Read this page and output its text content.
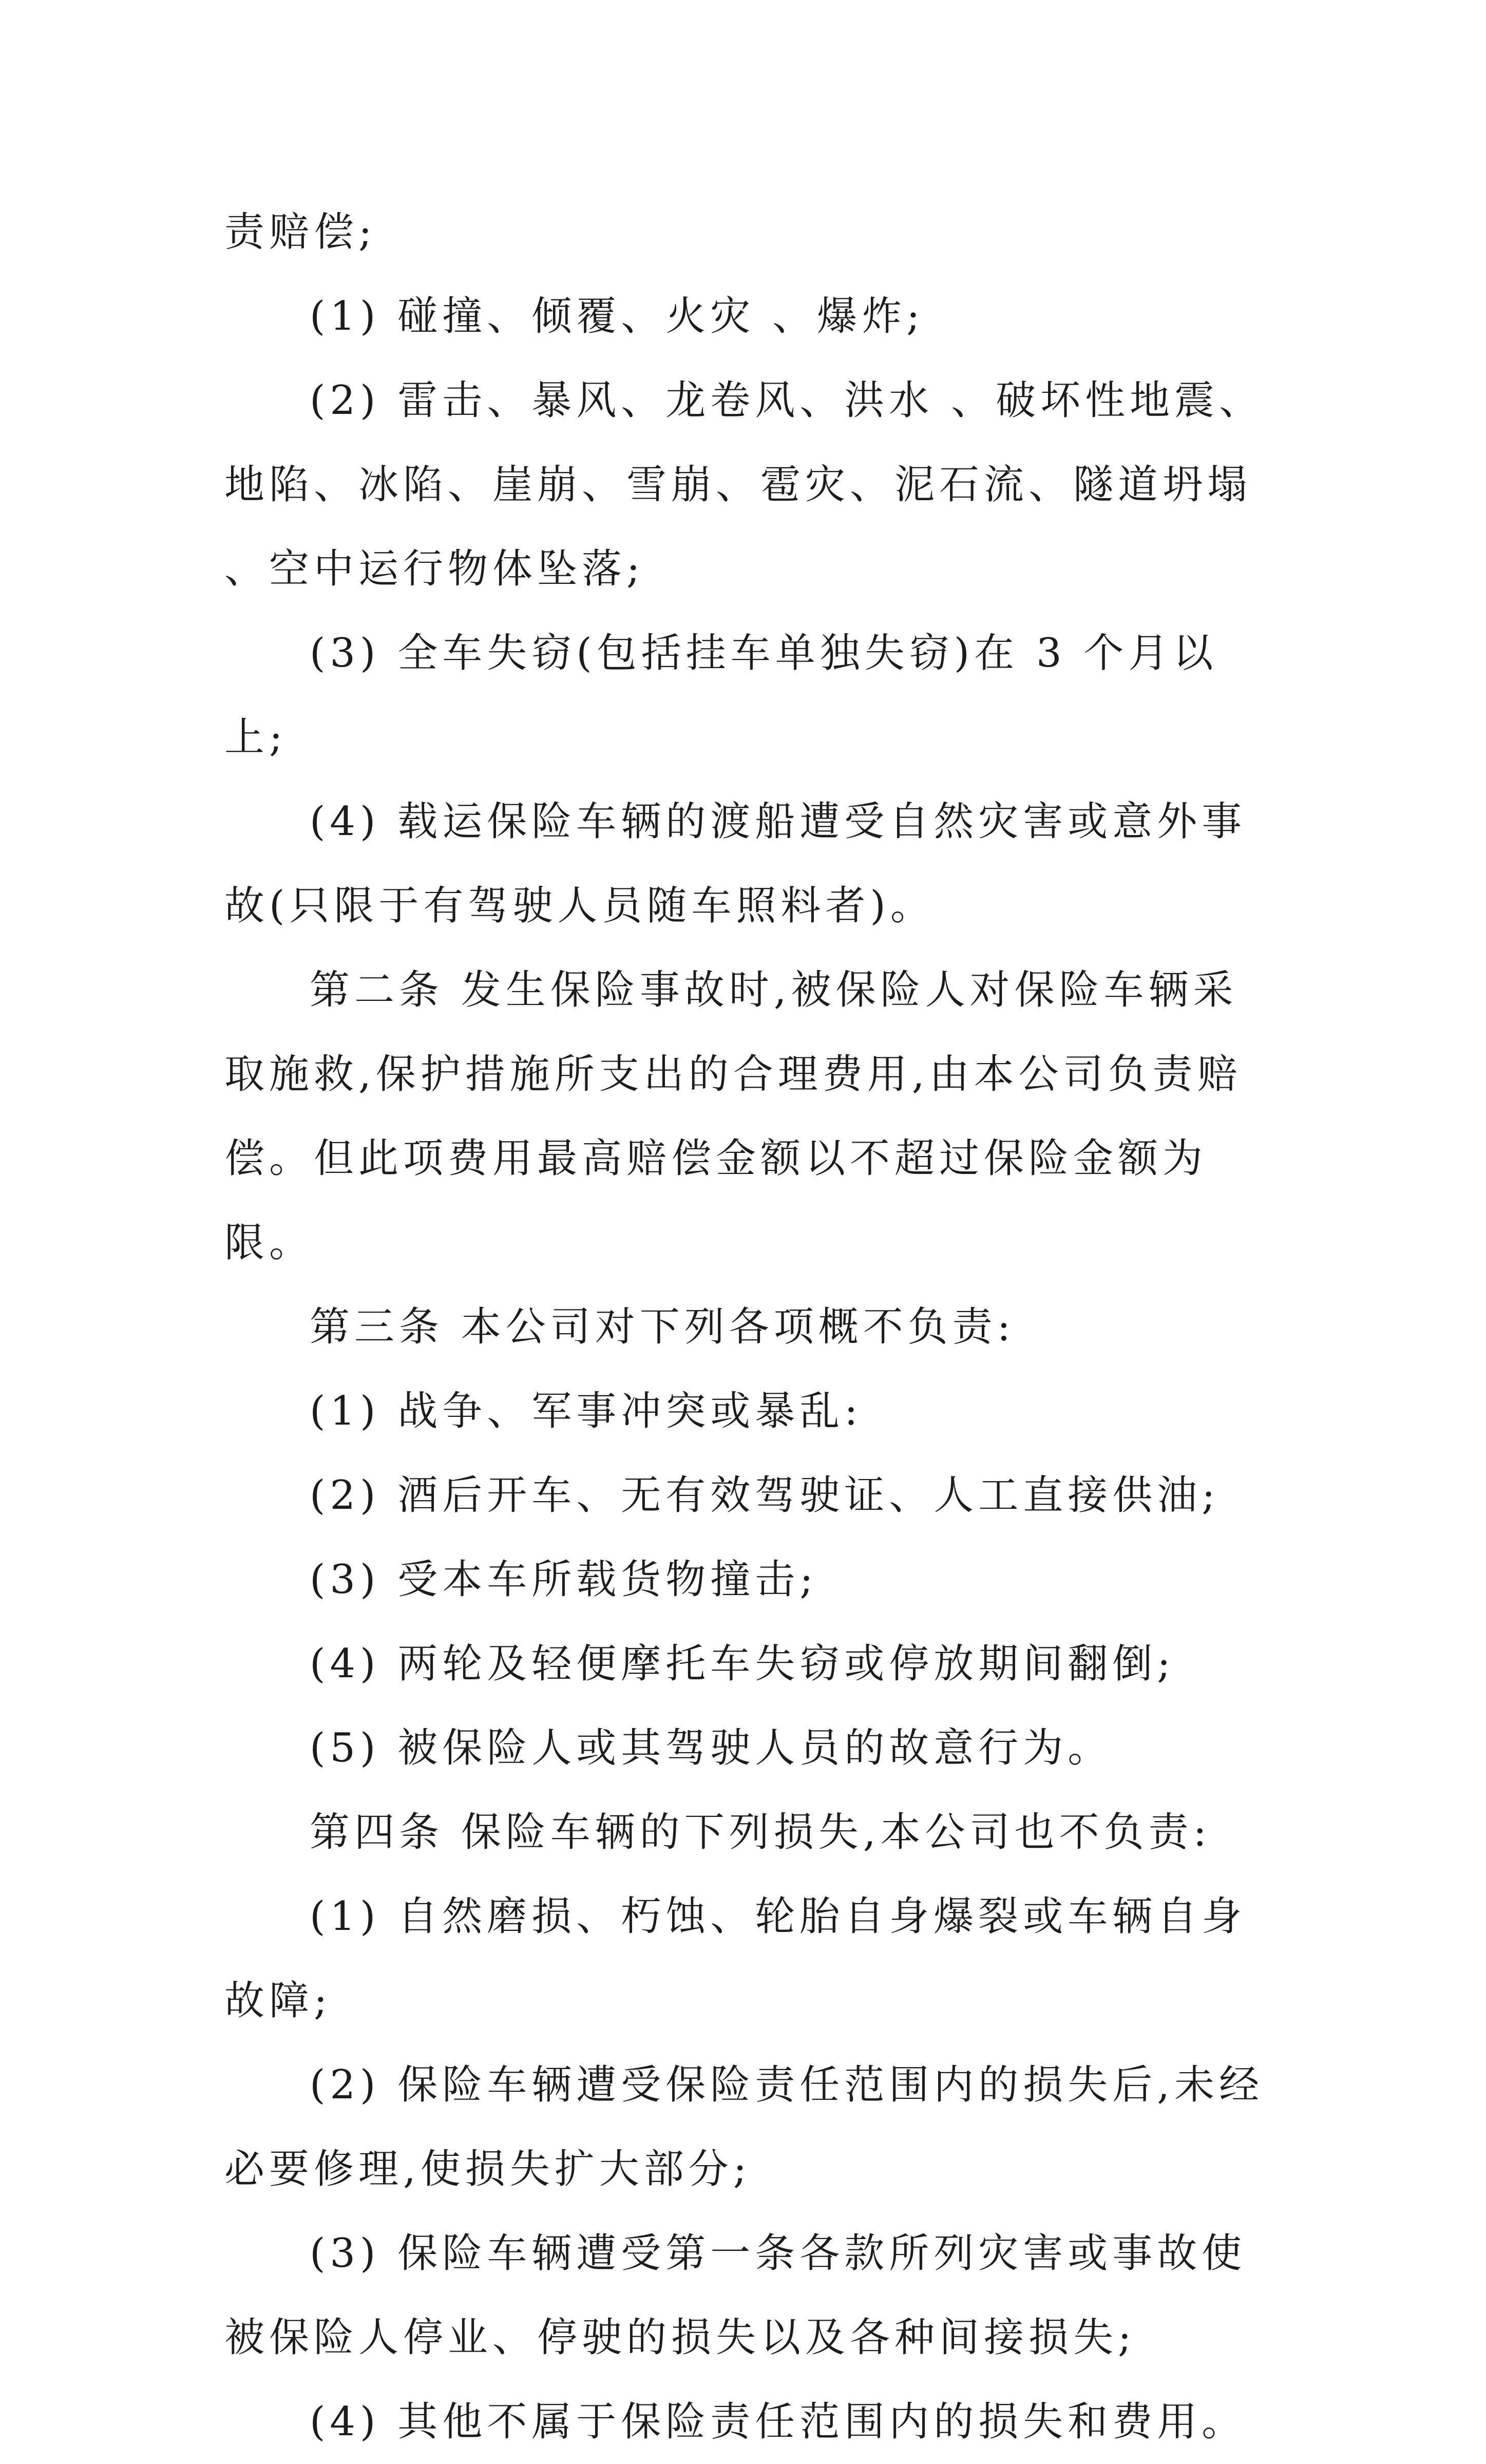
责赔偿;

(1) 碰撞、倾覆、火灾 、爆炸;

(2) 雷击、暴风、龙卷风、洪水 、破坏性地震、地陷、冰陷、崖崩、雪崩、雹灾、泥石流、隧道坍塌 、空中运行物体坠落;

(3) 全车失窃(包括挂车单独失窃)在 3 个月以上;

(4) 载运保险车辆的渡船遭受自然灾害或意外事故(只限于有驾驶人员随车照料者)。

第二条 发生保险事故时,被保险人对保险车辆采取施救,保护措施所支出的合理费用,由本公司负责赔偿。但此项费用最高赔偿金额以不超过保险金额为限。

第三条 本公司对下列各项概不负责:

(1) 战争、军事冲突或暴乱:

(2) 酒后开车、无有效驾驶证、人工直接供油;

(3) 受本车所载货物撞击;

(4) 两轮及轻便摩托车失窃或停放期间翻倒;

(5) 被保险人或其驾驶人员的故意行为。

第四条 保险车辆的下列损失,本公司也不负责:

(1) 自然磨损、朽蚀、轮胎自身爆裂或车辆自身故障;

(2) 保险车辆遭受保险责任范围内的损失后,未经必要修理,使损失扩大部分;

(3) 保险车辆遭受第一条各款所列灾害或事故使被保险人停业、停驶的损失以及各种间接损失;

(4) 其他不属于保险责任范围内的损失和费用。
